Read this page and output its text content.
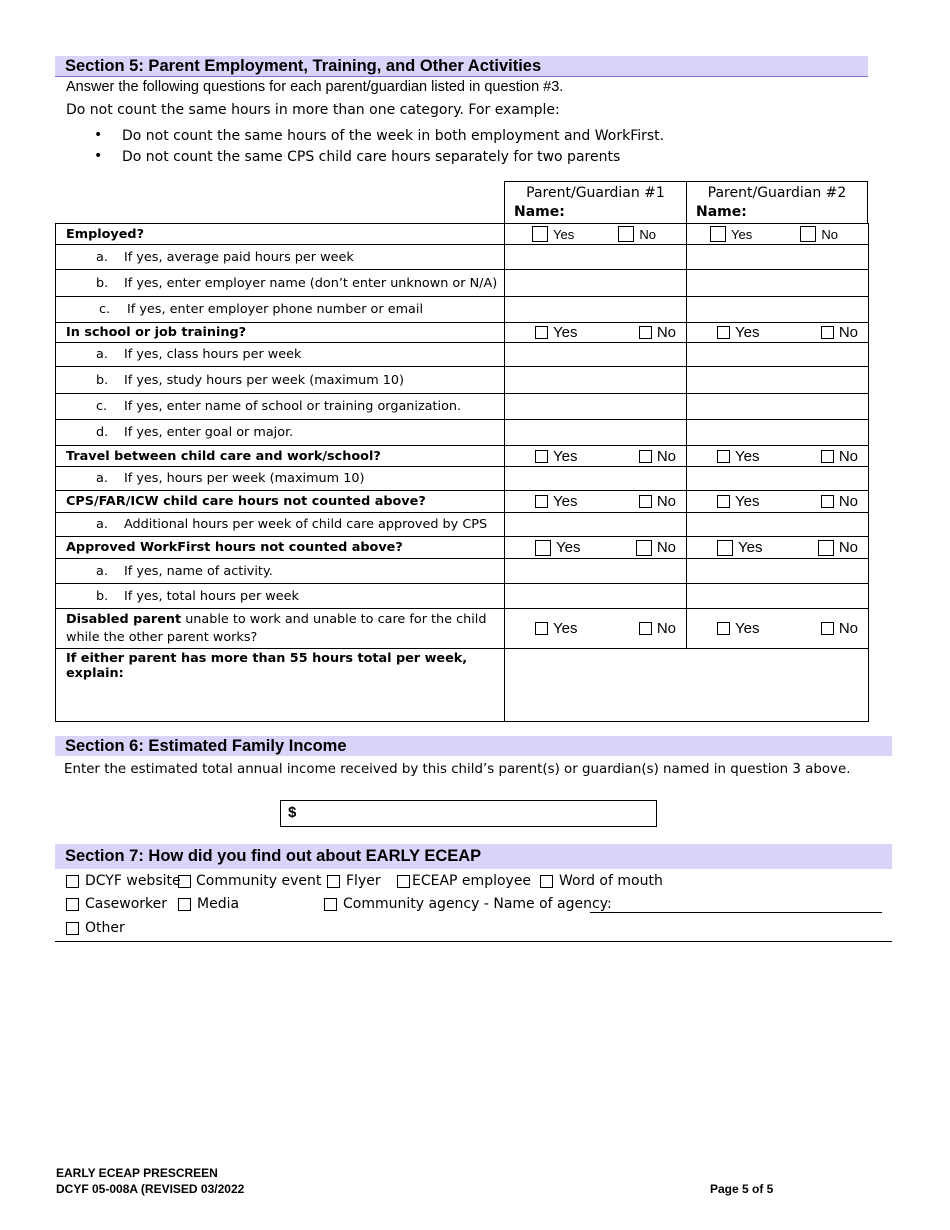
Section 5: Parent Employment, Training, and Other Activities
Answer the following questions for each parent/guardian listed in question #3.
Do not count the same hours in more than one category. For example:
• Do not count the same hours of the week in both employment and WorkFirst.
• Do not count the same CPS child care hours separately for two parents
Parent/Guardian #1
Name:
Parent/Guardian #2
Name:
Employed?	Yes No	Yes No

a. If yes, average paid hours per week		
b. If yes, enter employer name (don’t enter unknown or N/A)		
c. If yes, enter employer phone number or email		
In school or job training?	Yes No	Yes No

a. If yes, class hours per week		
b. If yes, study hours per week (maximum 10)		
c. If yes, enter name of school or training organization.		
d. If yes, enter goal or major.		
Travel between child care and work/school?	Yes No	Yes No

a. If yes, hours per week (maximum 10)		
CPS/FAR/ICW child care hours not counted above?	Yes No	Yes No

a. Additional hours per week of child care approved by CPS		
Approved WorkFirst hours not counted above?	Yes No	Yes No

a. If yes, name of activity.		
b. If yes, total hours per week		
Disabled parent unable to work and unable to care for the child while the other parent works?	Yes No	Yes No

If either parent has more than 55 hours total per week, explain:		
Section 6: Estimated Family Income
Enter the estimated total annual income received by this child’s parent(s) or guardian(s) named in question 3 above.
$
Section 7: How did you find out about EARLY ECEAP
DCYF website Community event Flyer ECEAP employee Word of mouth
Caseworker Media	Community agency - Name of agency:
Other
EARLY ECEAP PRESCREEN
DCYF 05-008A (REVISED 03/2022	Page 5 of 5
